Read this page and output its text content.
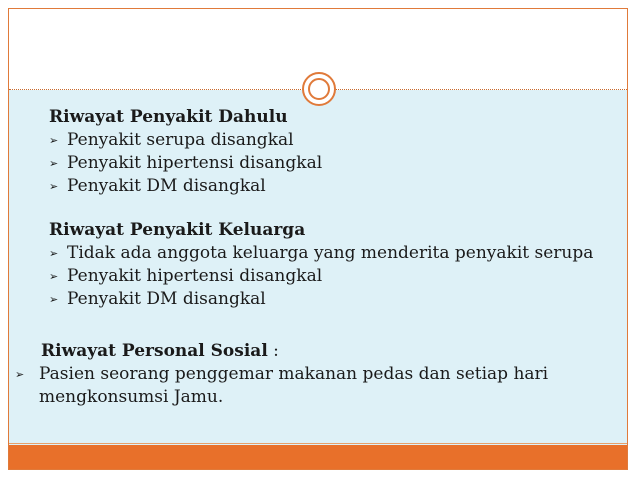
Riwayat Penyakit Dahulu
➢ Penyakit serupa disangkal
➢ Penyakit hipertensi disangkal
➢ Penyakit DM disangkal
Riwayat Penyakit Keluarga
➢ Tidak ada anggota keluarga yang menderita penyakit serupa
➢ Penyakit hipertensi disangkal
➢ Penyakit DM disangkal
Riwayat Personal Sosial :
➢ Pasien seorang penggemar makanan pedas dan setiap hari mengkonsumsi Jamu.
